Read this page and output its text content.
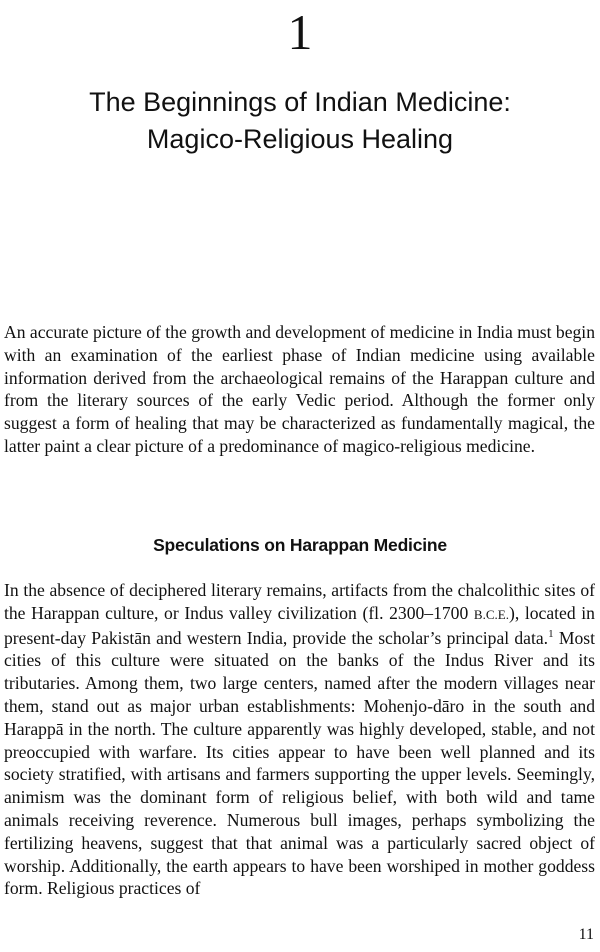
1
The Beginnings of Indian Medicine:
Magico-Religious Healing

An accurate picture of the growth and development of medicine in India must begin with an examination of the earliest phase of Indian medicine using available information derived from the archaeological remains of the Harappan culture and from the literary sources of the early Vedic period. Although the former only suggest a form of healing that may be characterized as fundamentally magical, the latter paint a clear picture of a predominance of magico-religious medicine.

Speculations on Harappan Medicine

In the absence of deciphered literary remains, artifacts from the chalcolithic sites of the Harappan culture, or Indus valley civilization (fl. 2300–1700 B.C.E.), located in present-day Pakistān and western India, provide the scholar’s principal data.$^1$ Most cities of this culture were situated on the banks of the Indus River and its tributaries. Among them, two large centers, named after the modern villages near them, stand out as major urban establishments: Mohenjo-dāro in the south and Harappā in the north. The culture apparently was highly developed, stable, and not preoccupied with warfare. Its cities appear to have been well planned and its society stratified, with artisans and farmers supporting the upper levels. Seemingly, animism was the dominant form of religious belief, with both wild and tame animals receiving reverence. Numerous bull images, perhaps symbolizing the fertilizing heavens, suggest that that animal was a particularly sacred object of worship. Additionally, the earth appears to have been worshiped in mother goddess form. Religious practices of

11
